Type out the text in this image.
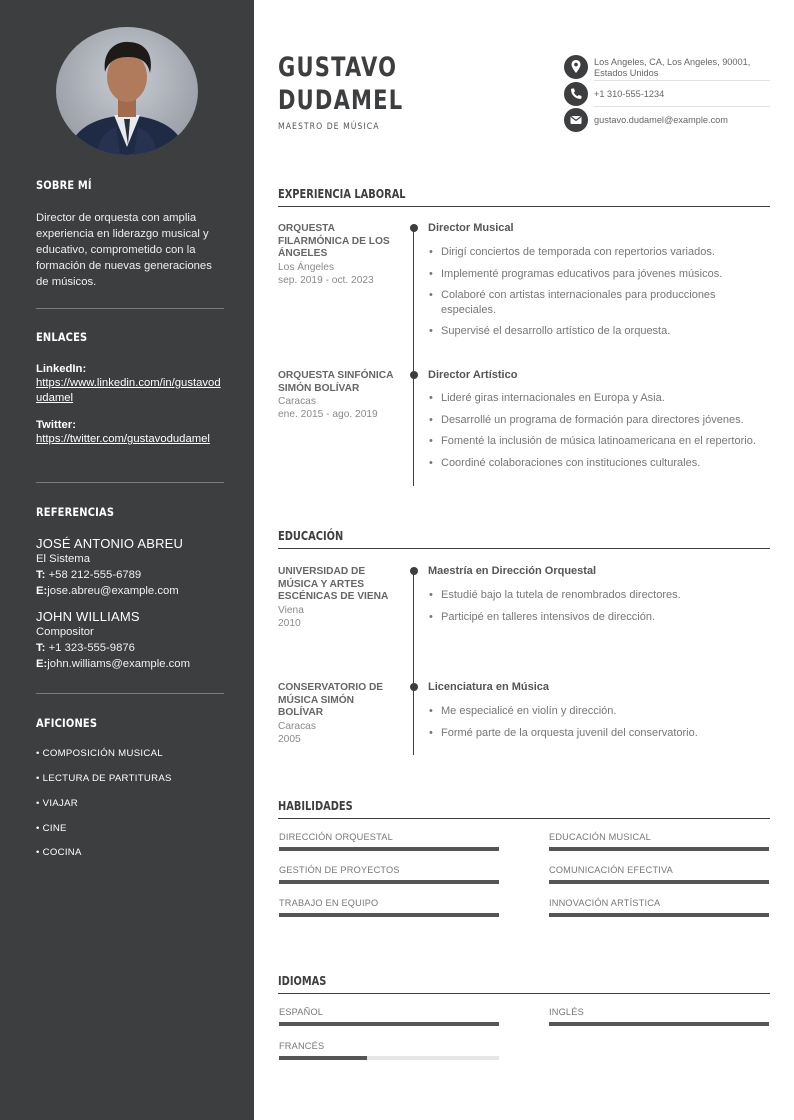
SOBRE MÍ
Director de orquesta con amplia experiencia en liderazgo musical y educativo, comprometido con la formación de nuevas generaciones de músicos.
ENLACES
LinkedIn:
https://www.linkedin.com/in/gustavodudamel
Twitter:
https://twitter.com/gustavodudamel
REFERENCIAS
JOSÉ ANTONIO ABREU
El Sistema
T: +58 212-555-6789
E:jose.abreu@example.com
JOHN WILLIAMS
Compositor
T: +1 323-555-9876
E:john.williams@example.com
AFICIONES
• COMPOSICIÓN MUSICAL
• LECTURA DE PARTITURAS
• VIAJAR
• CINE
• COCINA
GUSTAVO
DUDAMEL
MAESTRO DE MÚSICA
Los Angeles, CA, Los Angeles, 90001, Estados Unidos
+1 310-555-1234
gustavo.dudamel@example.com
EXPERIENCIA LABORAL
ORQUESTA FILARMÓNICA DE LOS ÁNGELES
Los Ángeles
sep. 2019 - oct. 2023
Director Musical
• Dirigí conciertos de temporada con repertorios variados.
• Implementé programas educativos para jóvenes músicos.
• Colaboré con artistas internacionales para producciones especiales.
• Supervisé el desarrollo artístico de la orquesta.
ORQUESTA SINFÓNICA SIMÓN BOLÍVAR
Caracas
ene. 2015 - ago. 2019
Director Artístico
• Lideré giras internacionales en Europa y Asia.
• Desarrollé un programa de formación para directores jóvenes.
• Fomenté la inclusión de música latinoamericana en el repertorio.
• Coordiné colaboraciones con instituciones culturales.
EDUCACIÓN
UNIVERSIDAD DE MÚSICA Y ARTES ESCÉNICAS DE VIENA
Viena
2010
Maestría en Dirección Orquestal
• Estudié bajo la tutela de renombrados directores.
• Participé en talleres intensivos de dirección.
CONSERVATORIO DE MÚSICA SIMÓN BOLÍVAR
Caracas
2005
Licenciatura en Música
• Me especialicé en violín y dirección.
• Formé parte de la orquesta juvenil del conservatorio.
HABILIDADES
DIRECCIÓN ORQUESTAL	EDUCACIÓN MUSICAL
GESTIÓN DE PROYECTOS	COMUNICACIÓN EFECTIVA
TRABAJO EN EQUIPO	INNOVACIÓN ARTÍSTICA
IDIOMAS
ESPAÑOL	INGLÉS
FRANCÉS
